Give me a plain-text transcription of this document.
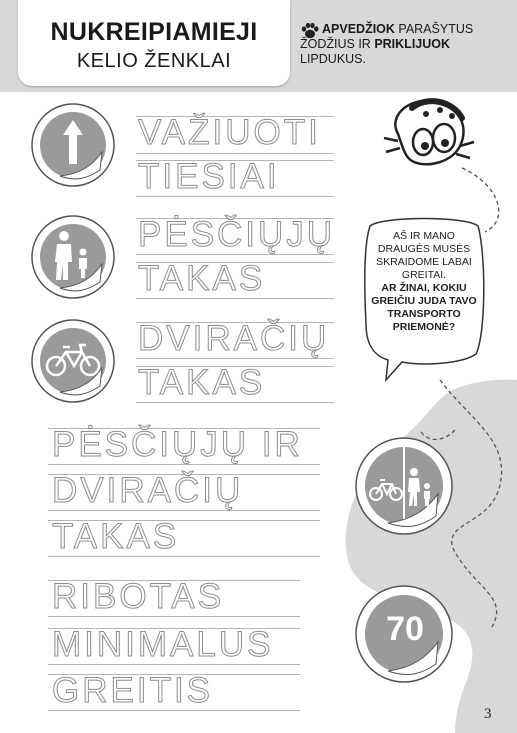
NUKREIPIAMIEJI
KELIO ŽENKLAI
APVEDŽIOK PARAŠYTUS ŽODŽIUS IR PRIKLIJUOK LIPDUKUS.
AŠ IR MANO DRAUGĖS MUSĖS SKRAIDOME LABAI GREITAI.
AR ŽINAI, KOKIU GREIČIU JUDA TAVO TRANSPORTO PRIEMONĖ?
VAŽIUOTI
TIESIAI
PĖSČIŲJŲ
TAKAS
DVIRAČIŲ
TAKAS
PĖSČIŲJŲ IR
DVIRAČIŲ
TAKAS
RIBOTAS
MINIMALUS
GREITIS
70
3
